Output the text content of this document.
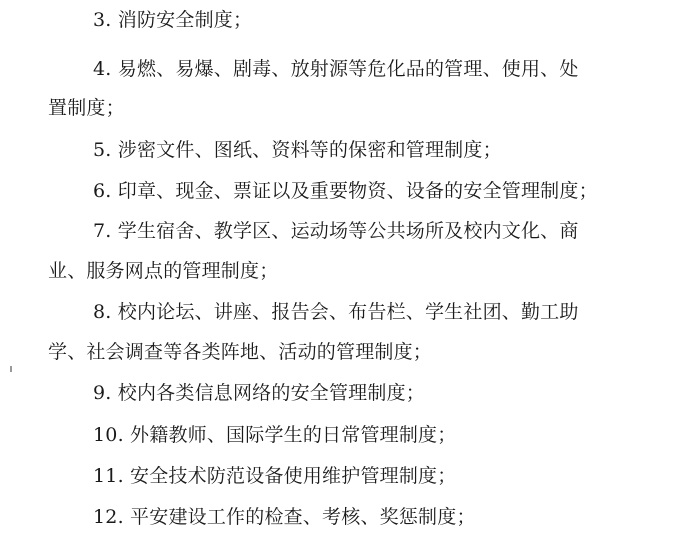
3. 消防安全制度；
4. 易燃、易爆、剧毒、放射源等危化品的管理、使用、处
置制度；
5. 涉密文件、图纸、资料等的保密和管理制度；
6. 印章、现金、票证以及重要物资、设备的安全管理制度；
7. 学生宿舍、教学区、运动场等公共场所及校内文化、商
业、服务网点的管理制度；
8. 校内论坛、讲座、报告会、布告栏、学生社团、勤工助
学、社会调查等各类阵地、活动的管理制度；
9. 校内各类信息网络的安全管理制度；
10. 外籍教师、国际学生的日常管理制度；
11. 安全技术防范设备使用维护管理制度；
12. 平安建设工作的检查、考核、奖惩制度；
